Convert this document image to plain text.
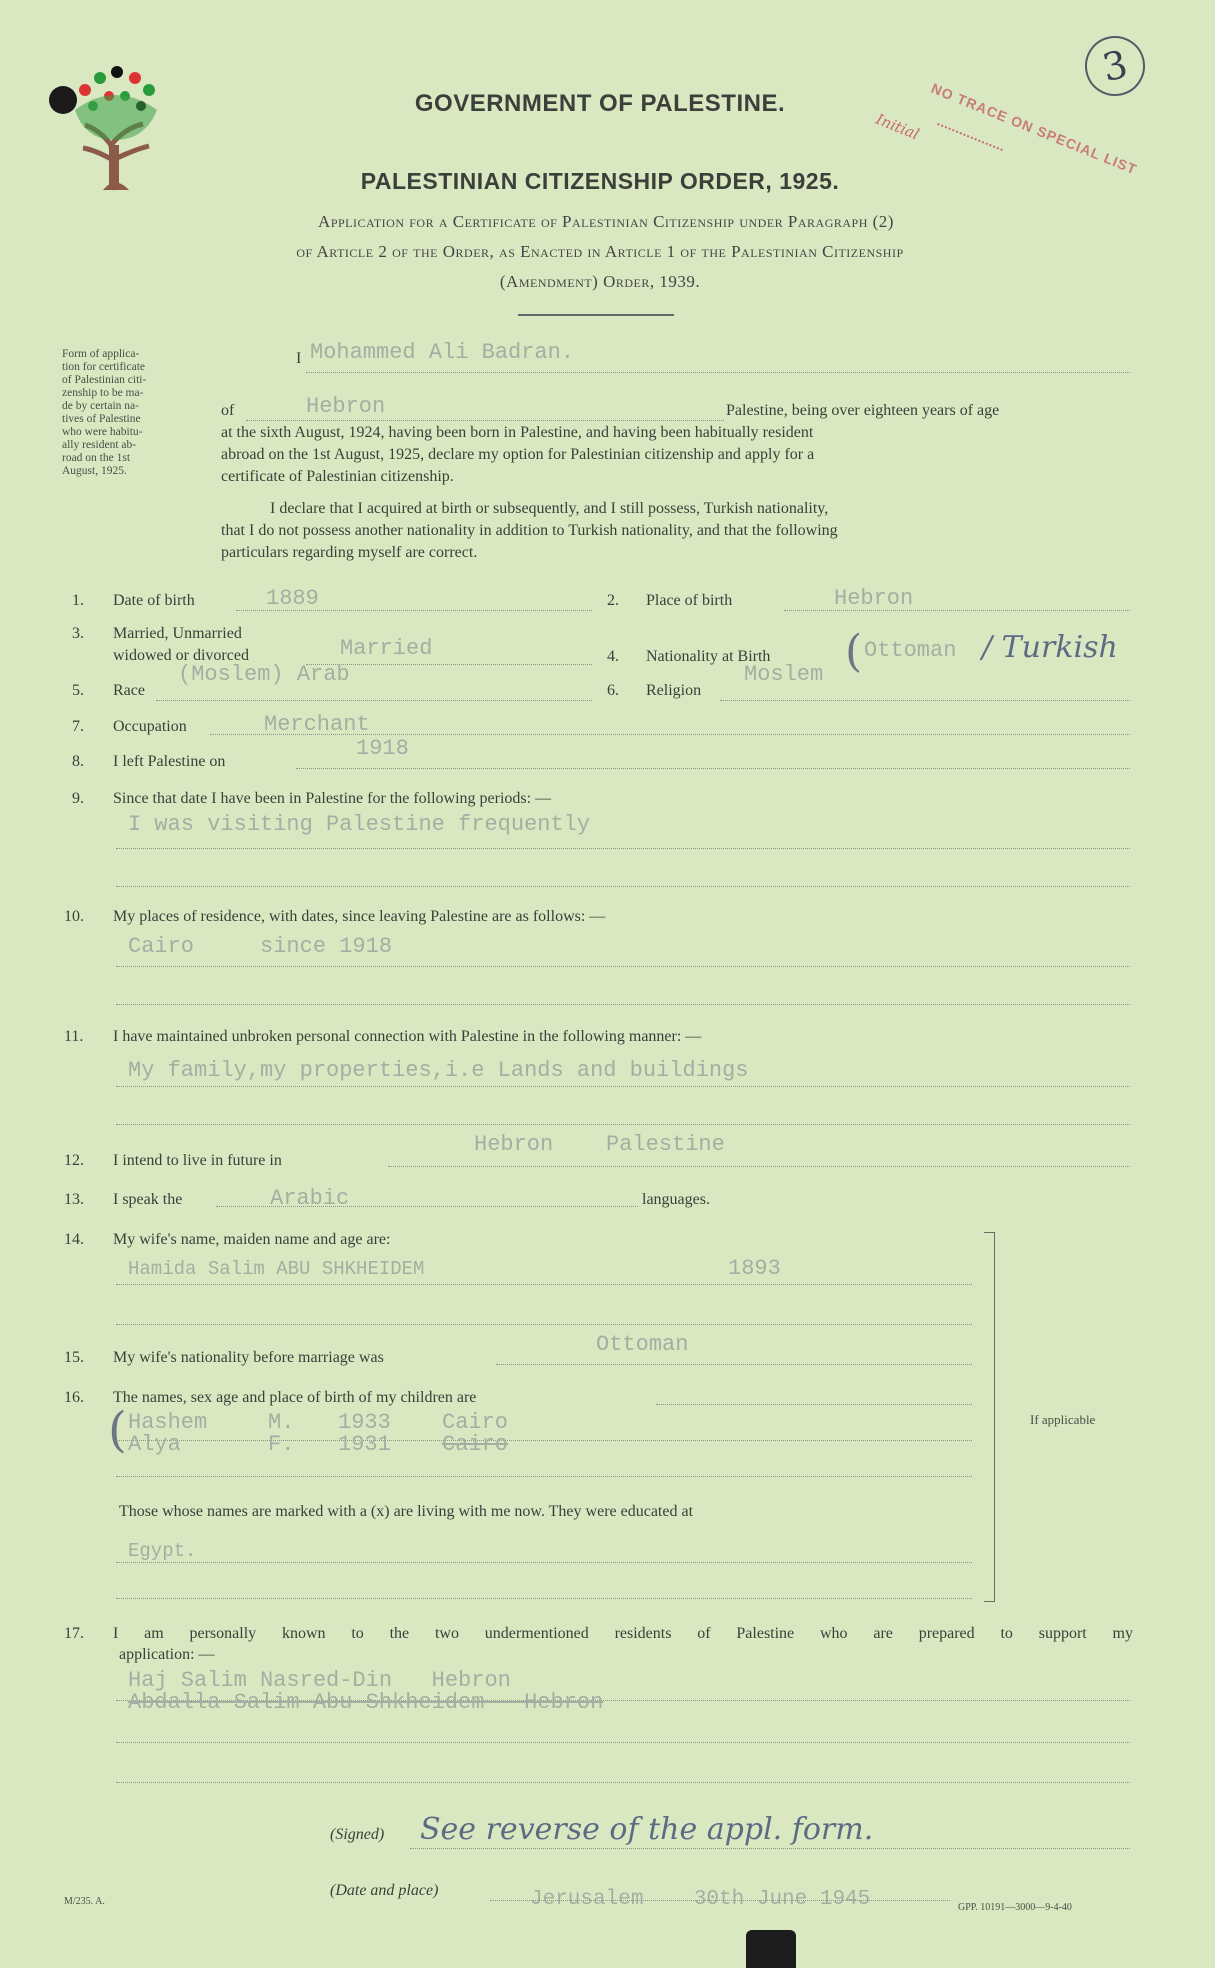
3
NO TRACE ON SPECIAL LIST
Initial
GOVERNMENT OF PALESTINE.
PALESTINIAN CITIZENSHIP ORDER, 1925.
Application for a Certificate of Palestinian Citizenship under Paragraph (2)
of Article 2 of the Order, as Enacted in Article 1 of the Palestinian Citizenship
(Amendment) Order, 1939.
Form of applica-
tion for certificate
of Palestinian citi-
zenship to be ma-
de by certain na-
tives of Palestine
who were habitu-
ally resident ab-
road on the 1st
August, 1925.
I Mohammed Ali Badran.
of	Hebron	Palestine, being over eighteen years of age
at the sixth August, 1924, having been born in Palestine, and having been habitually resident
abroad on the 1st August, 1925, declare my option for Palestinian citizenship and apply for a
certificate of Palestinian citizenship.
I declare that I acquired at birth or subsequently, and I still possess, Turkish nationality,
that I do not possess another nationality in addition to Turkish nationality, and that the following
particulars regarding myself are correct.
1. Date of birth	1889	2. Place of birth	Hebron
3. Married, Unmarried
widowed or divorced	Married	4. Nationality at Birth ( Ottoman / Turkish
5. Race
(Moslem) Arab
6. Religion
Moslem
7. Occupation	Merchant
8. I left Palestine on
1918
9. Since that date I have been in Palestine for the following periods: —
I was visiting Palestine frequently
10. My places of residence, with dates, since leaving Palestine are as follows: —
Cairo     since 1918
11. I have maintained unbroken personal connection with Palestine in the following manner: —
My family,my properties,i.e Lands and buildings
12. I intend to live in future in
Hebron    Palestine
13. I speak the	Arabic	languages.
If applicable
14. My wife's name, maiden name and age are:
Hamida Salim ABU SHKHEIDEM	1893
15. My wife's nationality before marriage was
Ottoman
16. The names, sex age and place of birth of my children are
( Hashem	M. 1933 Cairo
Alya	F. 1931 Cairo
Those whose names are marked with a (x) are living with me now. They were educated at
Egypt.
17. I am personally known to the two undermentioned residents of Palestine who are prepared to support my
application: —
Haj Salim Nasred-Din   Hebron
Abdalla Salim Abu Shkheidem   Hebron
(Signed) See reverse of the appl. form.
(Date and place)	Jerusalem    30th June 1945	GPP. 10191—3000—9-4-40
M/235. A.
